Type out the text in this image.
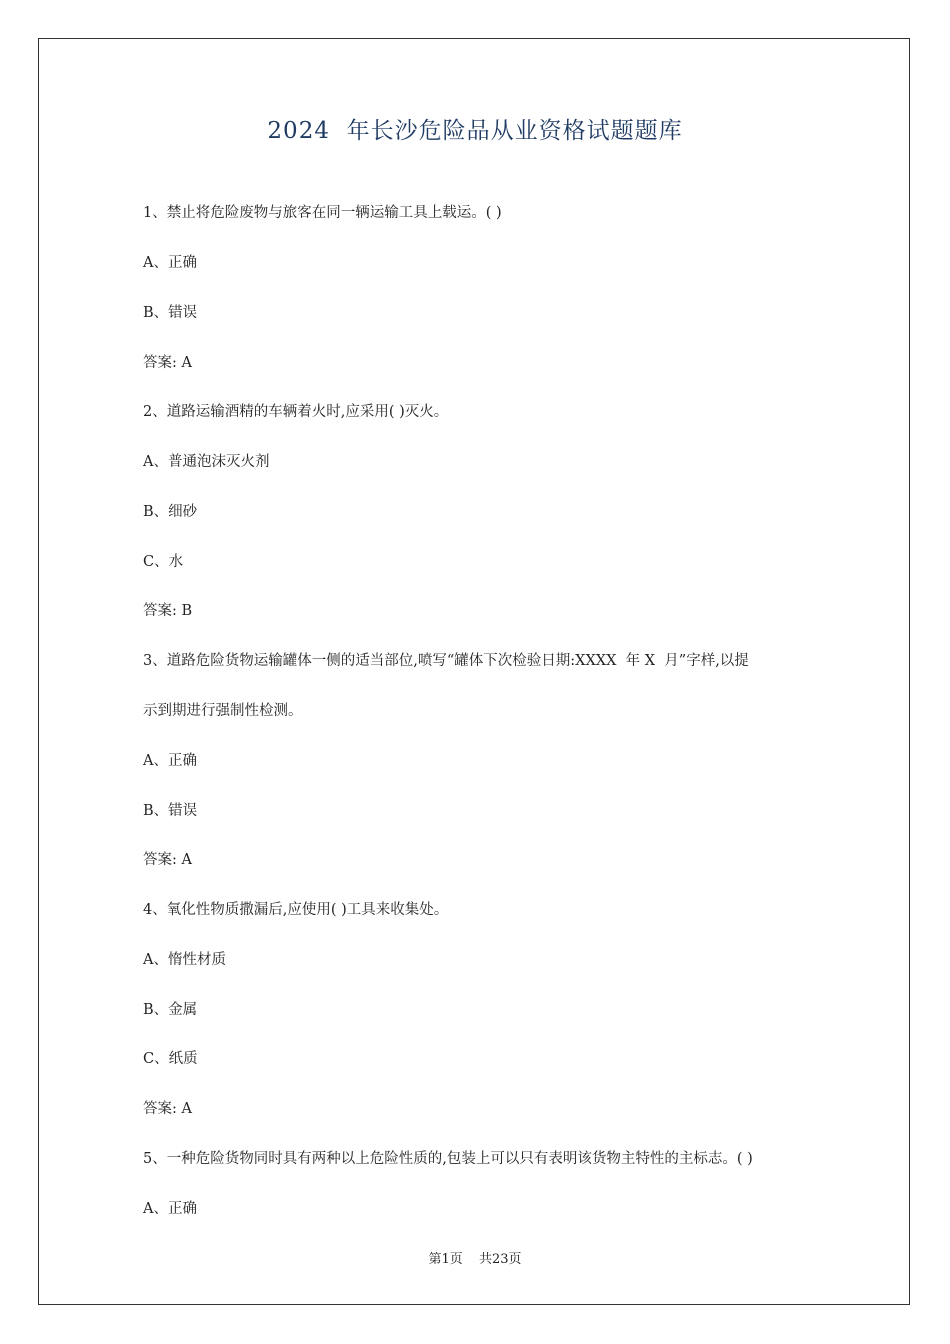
2024  年长沙危险品从业资格试题题库
1、禁止将危险废物与旅客在同一辆运输工具上载运。( )
A、正确
B、错误
答案: A
2、道路运输酒精的车辆着火时,应采用( )灭火。
A、普通泡沫灭火剂
B、细砂
C、水
答案: B
3、道路危险货物运输罐体一侧的适当部位,喷写“罐体下次检验日期:XXXX  年 X  月”字样,以提
示到期进行强制性检测。
A、正确
B、错误
答案: A
4、氧化性物质撒漏后,应使用( )工具来收集处。
A、惰性材质
B、金属
C、纸质
答案: A
5、一种危险货物同时具有两种以上危险性质的,包装上可以只有表明该货物主特性的主标志。( )
A、正确
第1页 共23页
